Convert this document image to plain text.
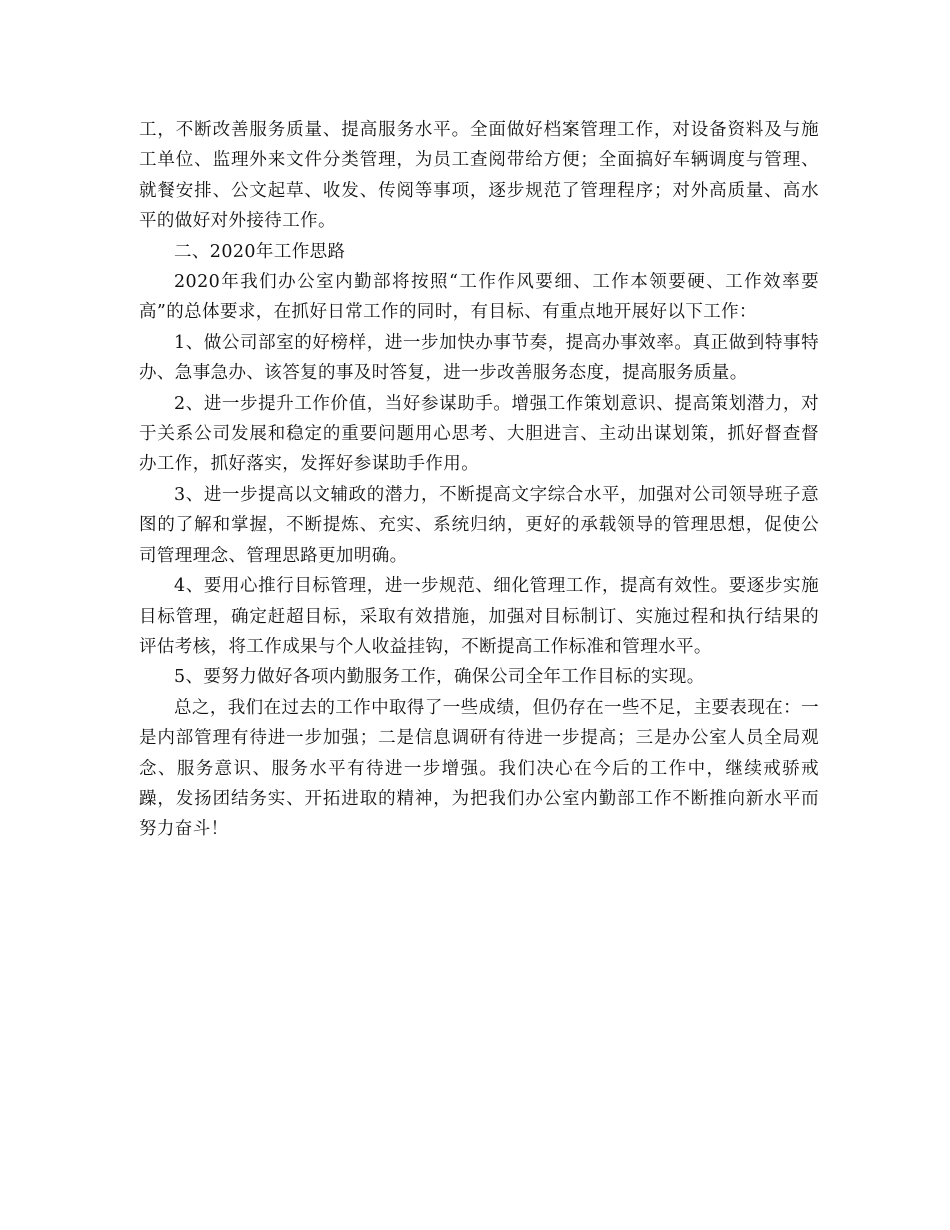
工，不断改善服务质量、提高服务水平。全面做好档案管理工作，对设备资料及与施工单位、监理外来文件分类管理，为员工查阅带给方便；全面搞好车辆调度与管理、就餐安排、公文起草、收发、传阅等事项，逐步规范了管理程序；对外高质量、高水平的做好对外接待工作。

二、2020年工作思路

2020年我们办公室内勤部将按照“工作作风要细、工作本领要硬、工作效率要高”的总体要求，在抓好日常工作的同时，有目标、有重点地开展好以下工作：

1、做公司部室的好榜样，进一步加快办事节奏，提高办事效率。真正做到特事特办、急事急办、该答复的事及时答复，进一步改善服务态度，提高服务质量。

2、进一步提升工作价值，当好参谋助手。增强工作策划意识、提高策划潜力，对于关系公司发展和稳定的重要问题用心思考、大胆进言、主动出谋划策，抓好督查督办工作，抓好落实，发挥好参谋助手作用。

3、进一步提高以文辅政的潜力，不断提高文字综合水平，加强对公司领导班子意图的了解和掌握，不断提炼、充实、系统归纳，更好的承载领导的管理思想，促使公司管理理念、管理思路更加明确。

4、要用心推行目标管理，进一步规范、细化管理工作，提高有效性。要逐步实施目标管理，确定赶超目标，采取有效措施，加强对目标制订、实施过程和执行结果的评估考核，将工作成果与个人收益挂钩，不断提高工作标准和管理水平。

5、要努力做好各项内勤服务工作，确保公司全年工作目标的实现。

总之，我们在过去的工作中取得了一些成绩，但仍存在一些不足，主要表现在：一是内部管理有待进一步加强；二是信息调研有待进一步提高；三是办公室人员全局观念、服务意识、服务水平有待进一步增强。我们决心在今后的工作中，继续戒骄戒躁，发扬团结务实、开拓进取的精神，为把我们办公室内勤部工作不断推向新水平而努力奋斗！
